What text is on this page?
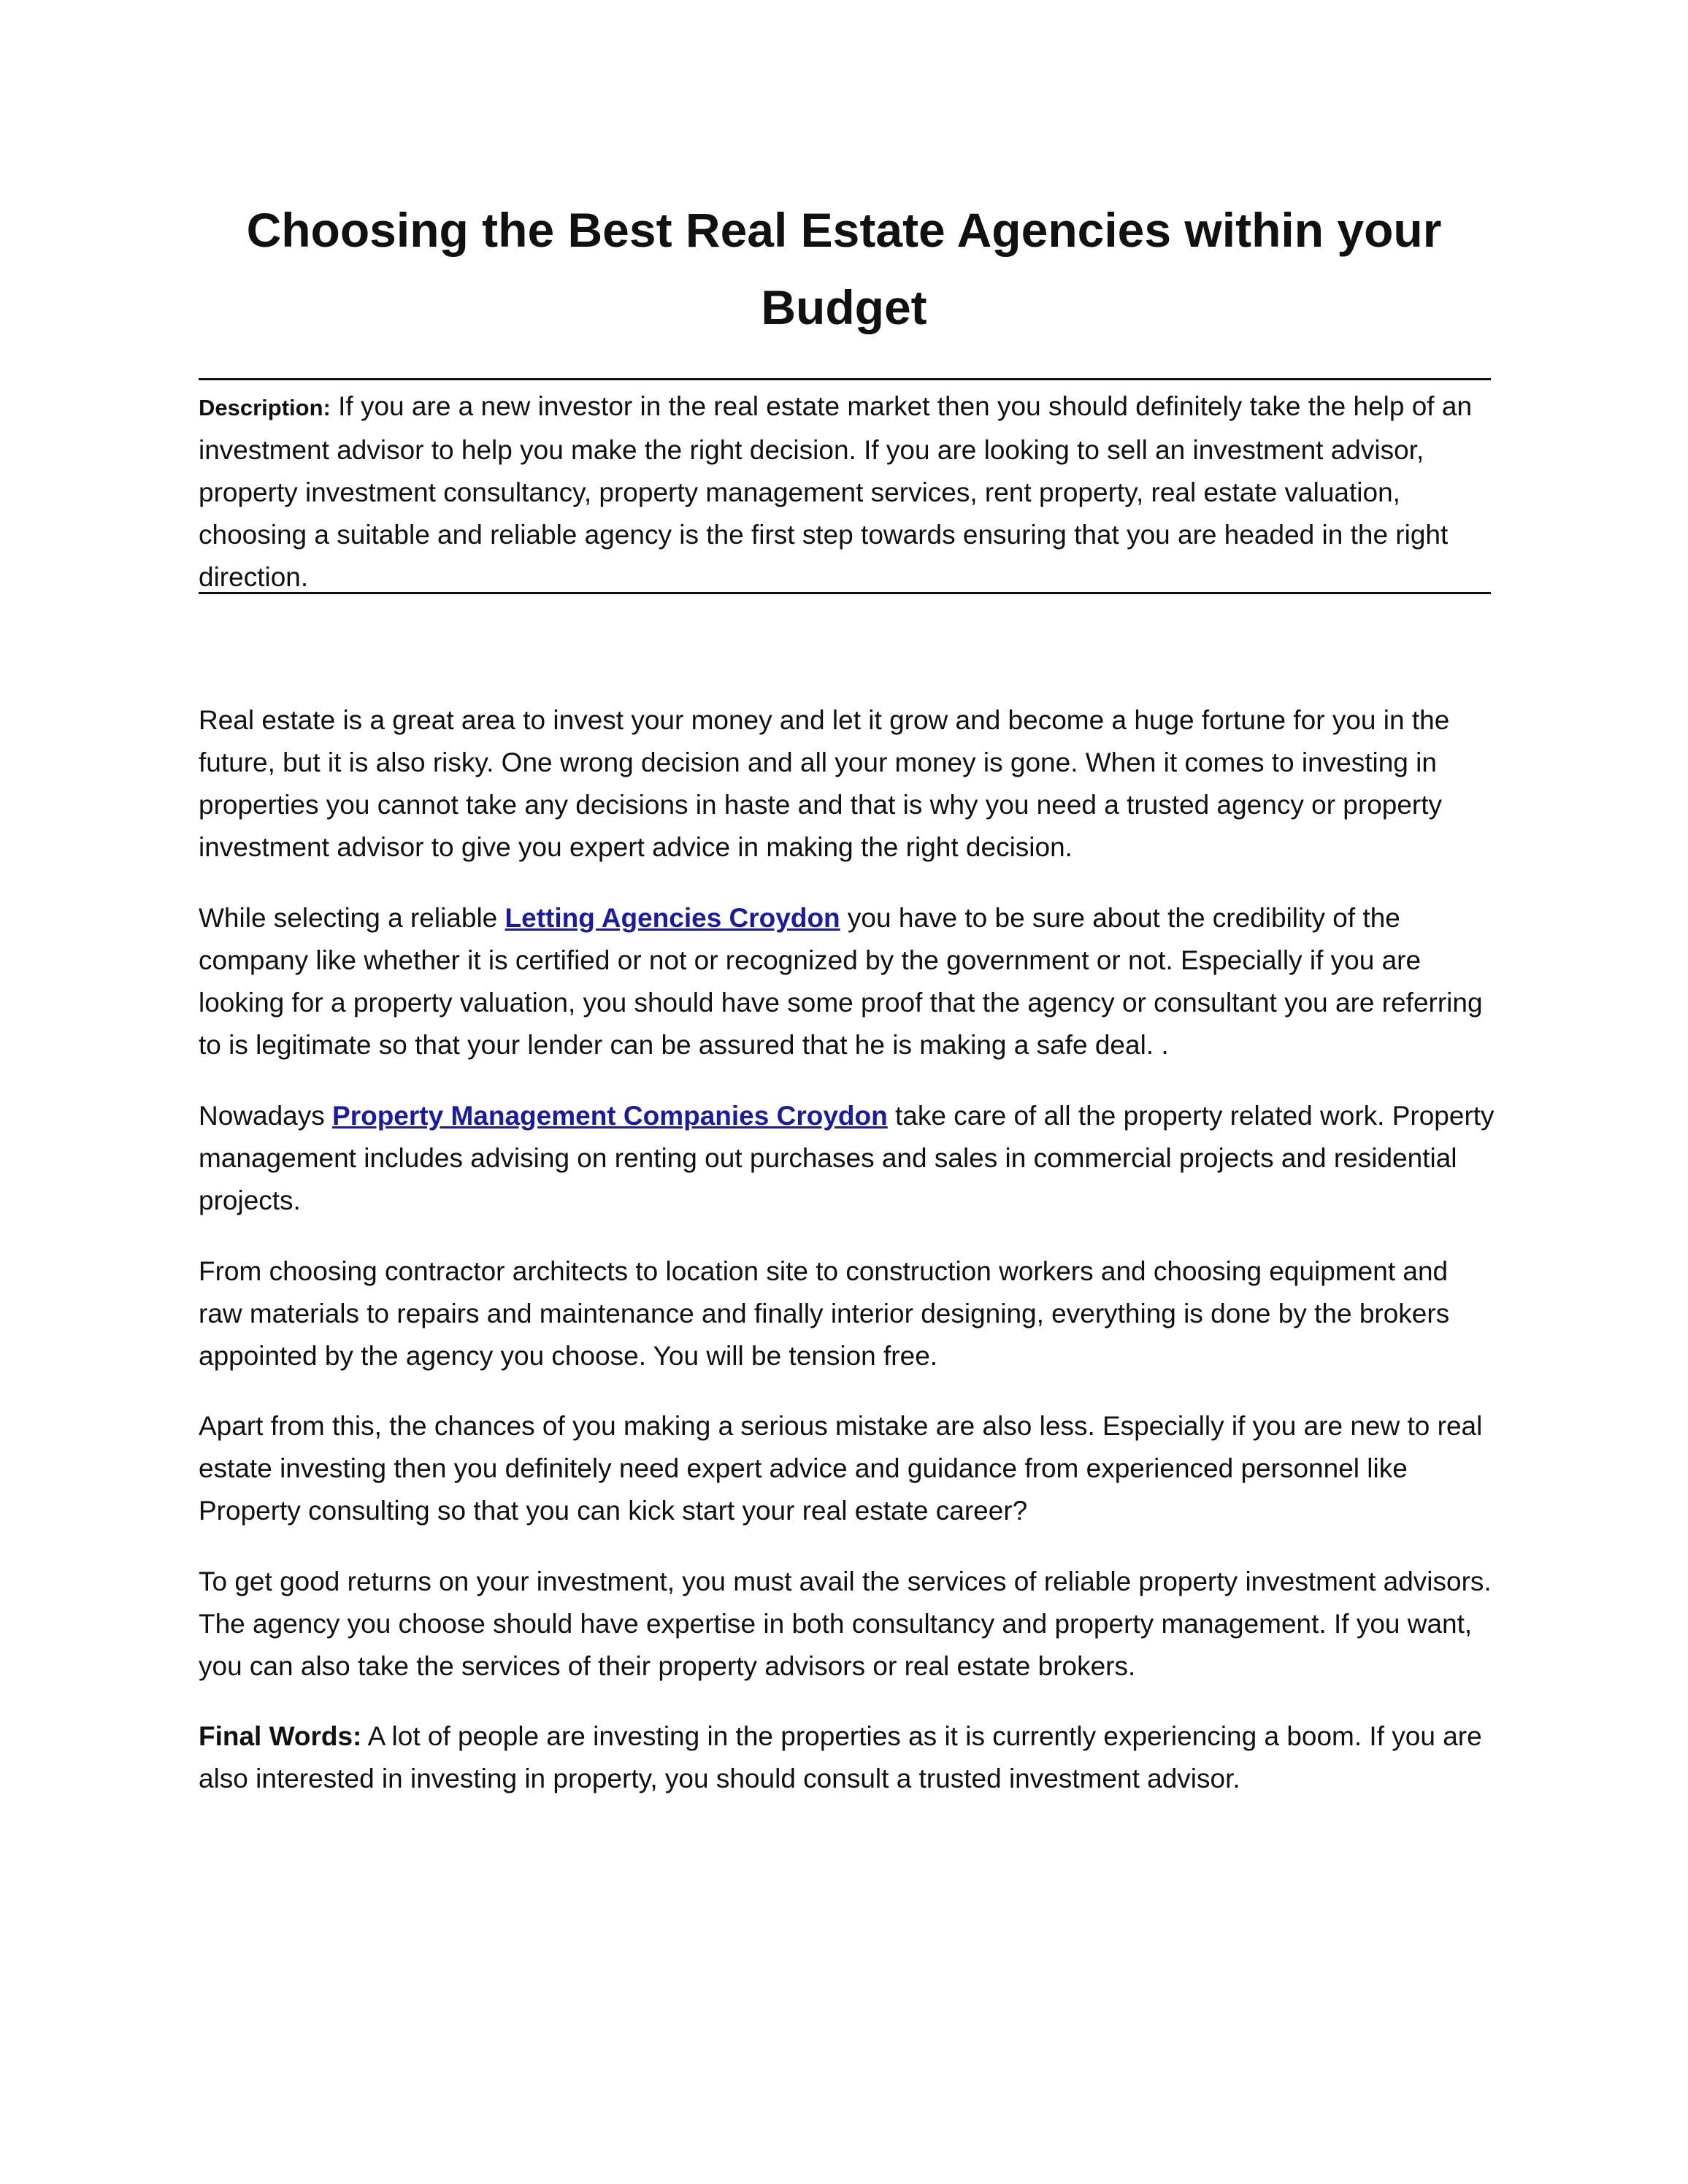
Choosing the Best Real Estate Agencies within your Budget

Description: If you are a new investor in the real estate market then you should definitely take the help of an investment advisor to help you make the right decision. If you are looking to sell an investment advisor, property investment consultancy, property management services, rent property, real estate valuation, choosing a suitable and reliable agency is the first step towards ensuring that you are headed in the right direction.

Real estate is a great area to invest your money and let it grow and become a huge fortune for you in the future, but it is also risky. One wrong decision and all your money is gone. When it comes to investing in properties you cannot take any decisions in haste and that is why you need a trusted agency or property investment advisor to give you expert advice in making the right decision.

While selecting a reliable Letting Agencies Croydon you have to be sure about the credibility of the company like whether it is certified or not or recognized by the government or not. Especially if you are looking for a property valuation, you should have some proof that the agency or consultant you are referring to is legitimate so that your lender can be assured that he is making a safe deal. .

Nowadays Property Management Companies Croydon take care of all the property related work. Property management includes advising on renting out purchases and sales in commercial projects and residential projects.

From choosing contractor architects to location site to construction workers and choosing equipment and raw materials to repairs and maintenance and finally interior designing, everything is done by the brokers appointed by the agency you choose. You will be tension free.

Apart from this, the chances of you making a serious mistake are also less. Especially if you are new to real estate investing then you definitely need expert advice and guidance from experienced personnel like Property consulting so that you can kick start your real estate career?

To get good returns on your investment, you must avail the services of reliable property investment advisors. The agency you choose should have expertise in both consultancy and property management. If you want, you can also take the services of their property advisors or real estate brokers.

Final Words: A lot of people are investing in the properties as it is currently experiencing a boom. If you are also interested in investing in property, you should consult a trusted investment advisor.
